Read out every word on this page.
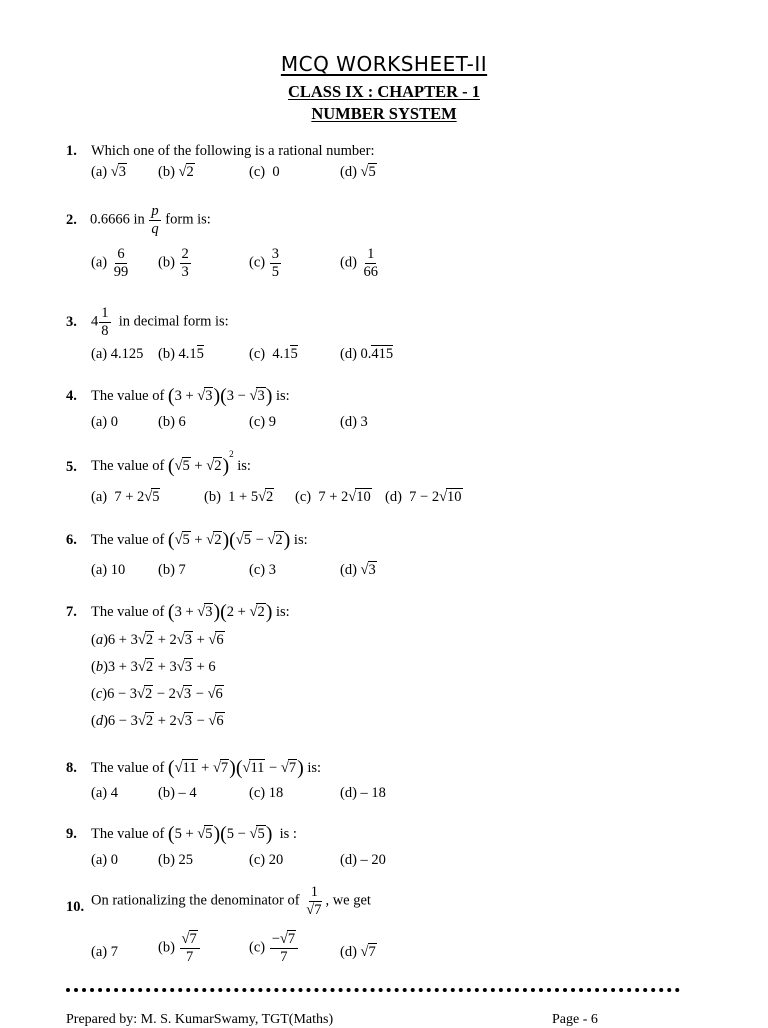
MCQ WORKSHEET-II
CLASS IX : CHAPTER - 1
NUMBER SYSTEM
1. Which one of the following is a rational number:
(a) √3 (b) √2	(c)  0	(d) √5
2. 0.6666 in $\frac{p}{q}$ form is:
$(a) \frac{6}{99} (b) \frac{2}{3}$	$(c) \frac{3}{5}$	$(d) \frac{1}{66}$
3. $4 \frac{1}{8}$ in decimal form is:
(a) 4.125 (b) 4.15	(c)  4.15	(d) 0.415
4. The value of (3 + √3)(3 − √3) is:
(a) 0	(b) 6	(c) 9	(d) 3
5. The value of $(√5 + √2)^2$ is:
(a)  7 + 2√5	(b)  1 + 5√2 (c)  7 + 2√10 (d)  7 − 2√10
6. The value of (√5 + √2)(√5 − √2) is:
(a) 10 (b) 7	(c) 3	(d) √3
7. The value of (3 + √3)(2 + √2) is:
(a)6 + 3√2 + 2√3 + √6
(b)3 + 3√2 + 3√3 + 6
(c)6 − 3√2 − 2√3 − √6
(d)6 − 3√2 + 2√3 − √6
8. The value of (√11 + √7)(√11 − √7) is:
(a) 4	(b) – 4	(c) 18	(d) – 18
9. The value of (5 + √5)(5 − √5)  is :
(a) 0	(b) 25	(c) 20	(d) – 20
10. On rationalizing the denominator of $\frac{1}{√7}$ , we get
(a) 7	$(b) \frac{√7}{7}$	$(c) \frac{-√7}{7}$	(d) √7
Prepared by: M. S. KumarSwamy, TGT(Maths)	Page - 6
